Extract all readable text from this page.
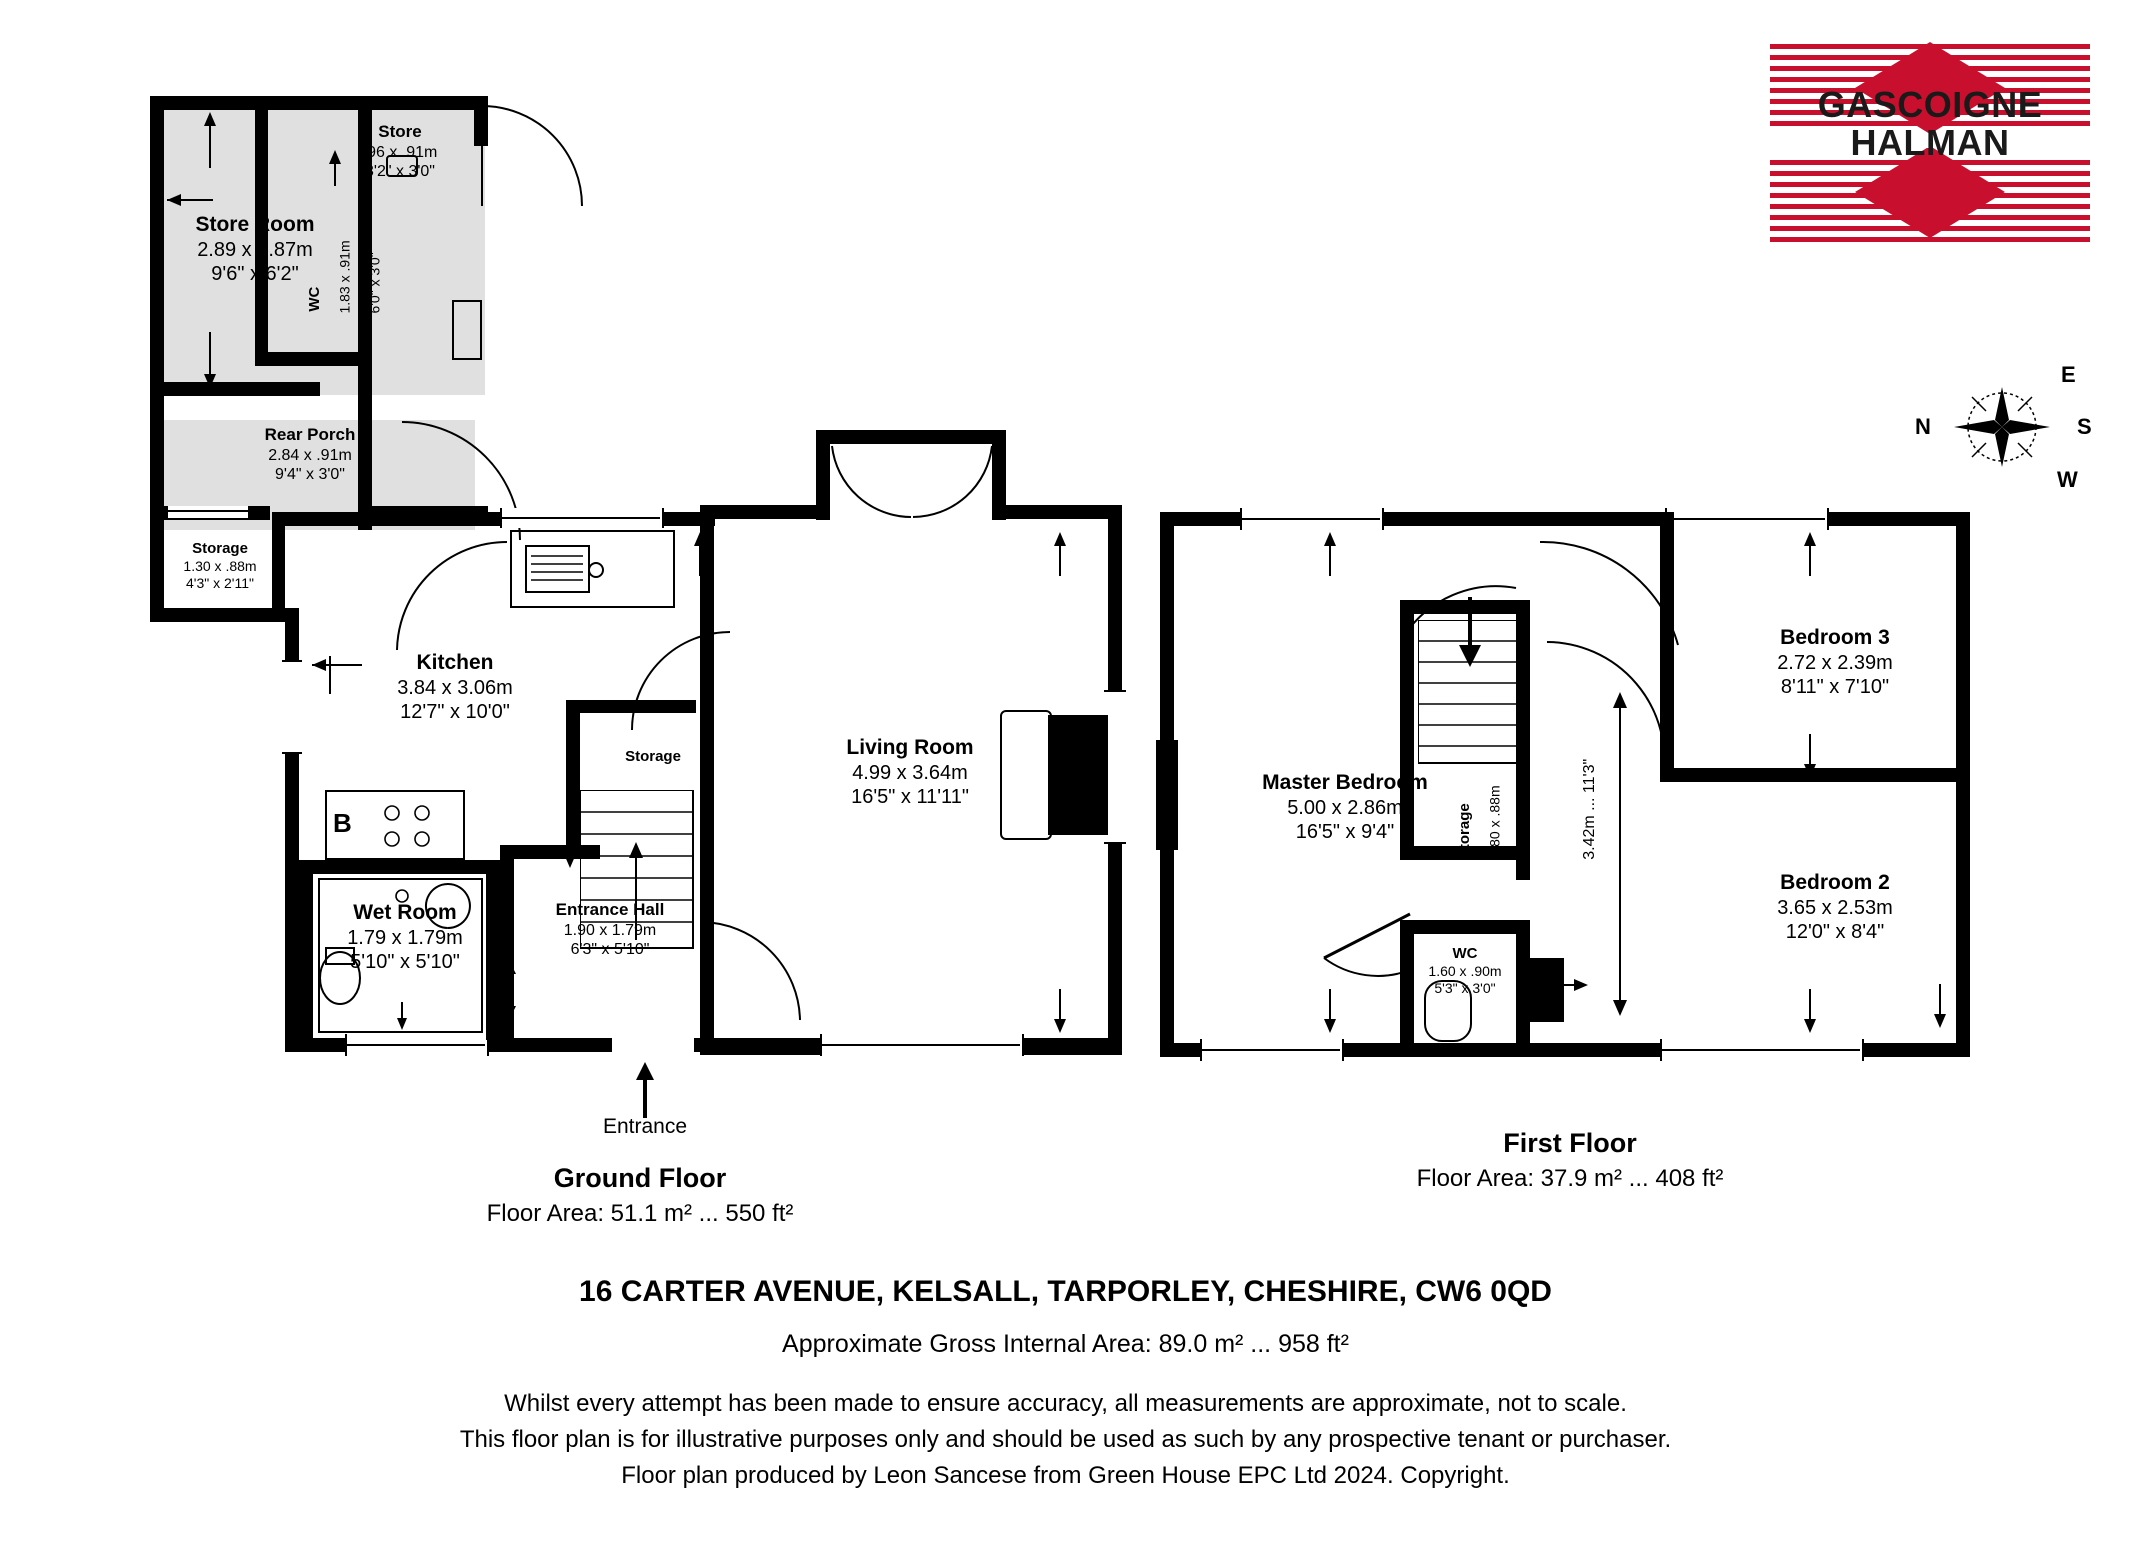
GASCOIGNE
HALMAN
E
N	S
W
B
Entrance
Store Room
2.89 x 1.87m
9'6" x 6'2"
Store
.96 x .91m
3'2" x 3'0"
WC	6'0" x 3'0"
Rear Porch
2.84 x .91m
9'4" x 3'0"
Storage
1.30 x .88m
4'3" x 2'11"
Kitchen
3.84 x 3.06m
12'7" x 10'0"
Storage	Living Room
4.99 x 3.64m
16'5" x 11'11"
Wet Room
1.79 x 1.79m
5'10" x 5'10"
Entrance Hall
1.90 x 1.79m
6'3" x 5'10"
Ground Floor
Floor Area: 51.1 m² ... 550 ft²
3.42m ... 11'3"
Master Bedroom
5.00 x 2.86m
16'5" x 9'4"
Bedroom 3
2.72 x 2.39m
8'11" x 7'10"
Bedroom 2
3.65 x 2.53m
12'0" x 8'4"
Storage 1.80 x .88m 5'11" x 2'11"
WC
1.60 x .90m
5'3" x 3'0"
First Floor
Floor Area: 37.9 m² ... 408 ft²
16 CARTER AVENUE, KELSALL, TARPORLEY, CHESHIRE, CW6 0QD
Approximate Gross Internal Area: 89.0 m² ... 958 ft²
Whilst every attempt has been made to ensure accuracy, all measurements are approximate, not to scale.
This floor plan is for illustrative purposes only and should be used as such by any prospective tenant or purchaser.
Floor plan produced by Leon Sancese from Green House EPC Ltd 2024. Copyright.
